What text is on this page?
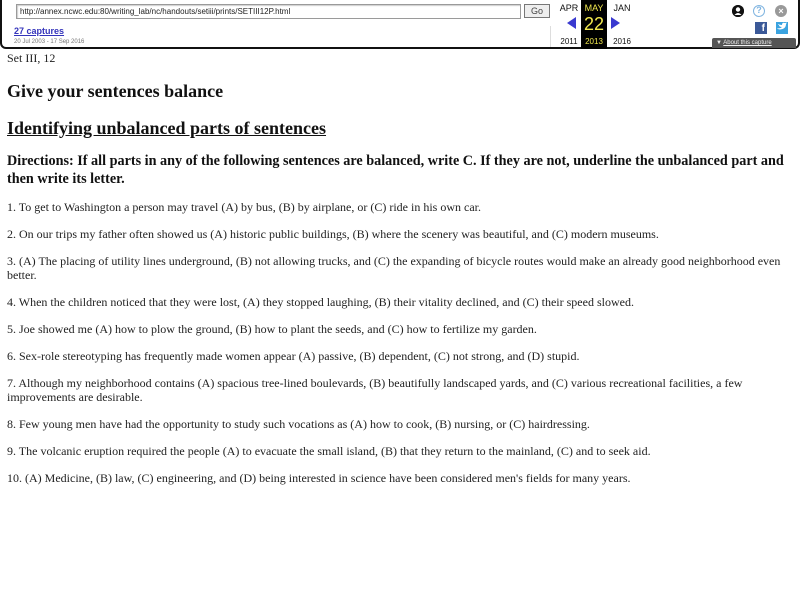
http://annex.ncwc.edu:80/writing_lab/nc/handouts/setiii/prints/SETIII12P.html
Go
27 captures
20 Jul 2003 - 17 Sep 2016
APR
2011
MAY
22
2013
JAN
2016
?	×
f
▼ About this capture
Set III, 12
Give your sentences balance
Identifying unbalanced parts of sentences

Directions: If all parts in any of the following sentences are balanced, write C. If they are not, underline the unbalanced part and then write its letter.

1. To get to Washington a person may travel (A) by bus, (B) by airplane, or (C) ride in his own car.
2. On our trips my father often showed us (A) historic public buildings, (B) where the scenery was beautiful, and (C) modern museums.
3. (A) The placing of utility lines underground, (B) not allowing trucks, and (C) the expanding of bicycle routes would make an already good neighborhood even better.
4. When the children noticed that they were lost, (A) they stopped laughing, (B) their vitality declined, and (C) their speed slowed.
5. Joe showed me (A) how to plow the ground, (B) how to plant the seeds, and (C) how to fertilize my garden.
6. Sex-role stereotyping has frequently made women appear (A) passive, (B) dependent, (C) not strong, and (D) stupid.
7. Although my neighborhood contains (A) spacious tree-lined boulevards, (B) beautifully landscaped yards, and (C) various recreational facilities, a few improvements are desirable.
8. Few young men have had the opportunity to study such vocations as (A) how to cook, (B) nursing, or (C) hairdressing.
9. The volcanic eruption required the people (A) to evacuate the small island, (B) that they return to the mainland, (C) and to seek aid.
10. (A) Medicine, (B) law, (C) engineering, and (D) being interested in science have been considered men's fields for many years.
